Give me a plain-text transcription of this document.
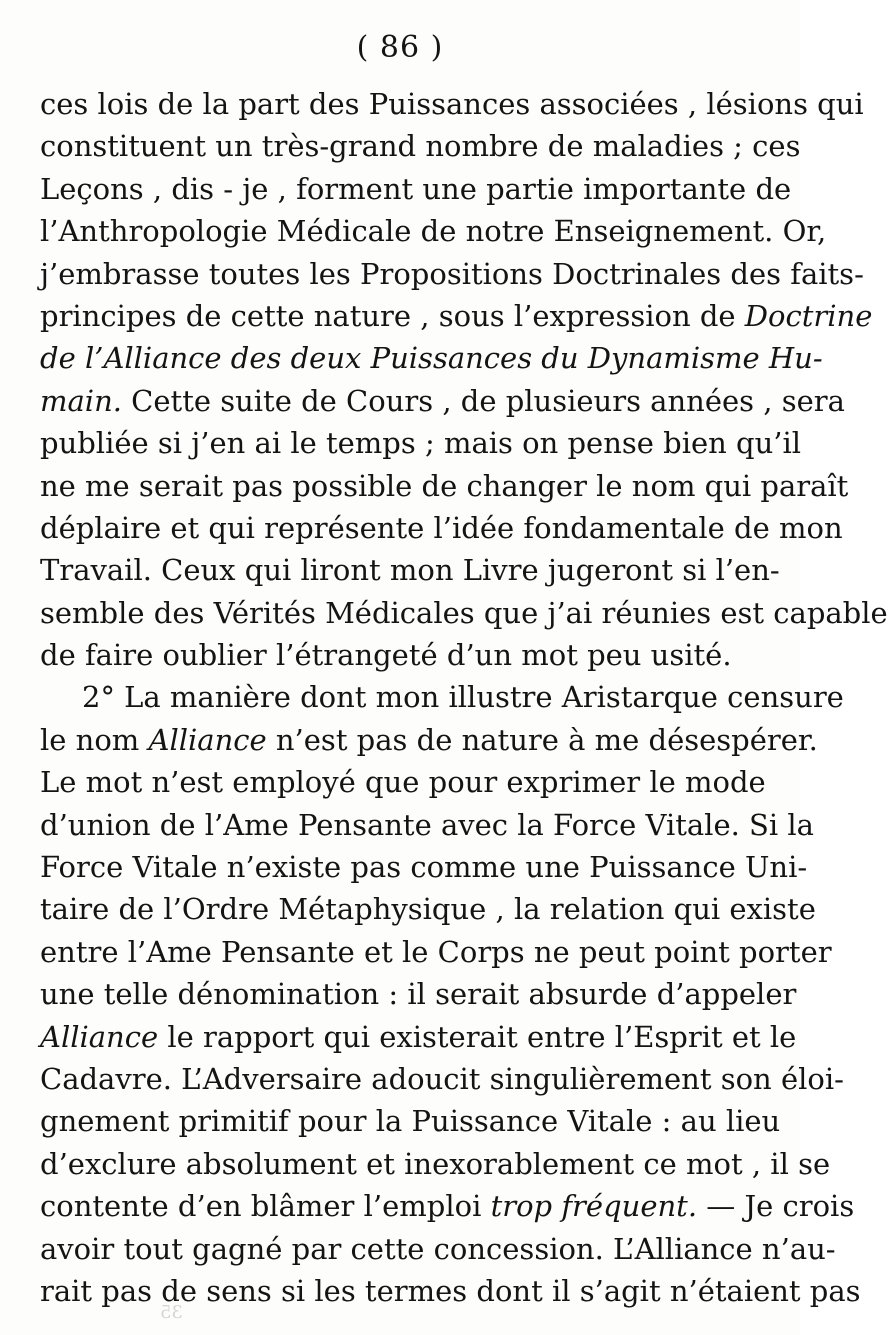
( 86 )
ces lois de la part des Puissances associées , lésions qui
constituent un très-grand nombre de maladies ; ces
Leçons , dis - je , forment une partie importante de
l’Anthropologie Médicale de notre Enseignement. Or,
j’embrasse toutes les Propositions Doctrinales des faits-
principes de cette nature , sous l’expression de Doctrine
de l’Alliance des deux Puissances du Dynamisme Hu-
main. Cette suite de Cours , de plusieurs années , sera
publiée si j’en ai le temps ; mais on pense bien qu’il
ne me serait pas possible de changer le nom qui paraît
déplaire et qui représente l’idée fondamentale de mon
Travail. Ceux qui liront mon Livre jugeront si l’en-
semble des Vérités Médicales que j’ai réunies est capable
de faire oublier l’étrangeté d’un mot peu usité.
2° La manière dont mon illustre Aristarque censure
le nom Alliance n’est pas de nature à me désespérer.
Le mot n’est employé que pour exprimer le mode
d’union de l’Ame Pensante avec la Force Vitale. Si la
Force Vitale n’existe pas comme une Puissance Uni-
taire de l’Ordre Métaphysique , la relation qui existe
entre l’Ame Pensante et le Corps ne peut point porter
une telle dénomination : il serait absurde d’appeler
Alliance le rapport qui existerait entre l’Esprit et le
Cadavre. L’Adversaire adoucit singulièrement son éloi-
gnement primitif pour la Puissance Vitale : au lieu
d’exclure absolument et inexorablement ce mot , il se
contente d’en blâmer l’emploi trop fréquent. — Je crois
avoir tout gagné par cette concession. L’Alliance n’au-
rait pas de sens si les termes dont il s’agit n’étaient pas
35
